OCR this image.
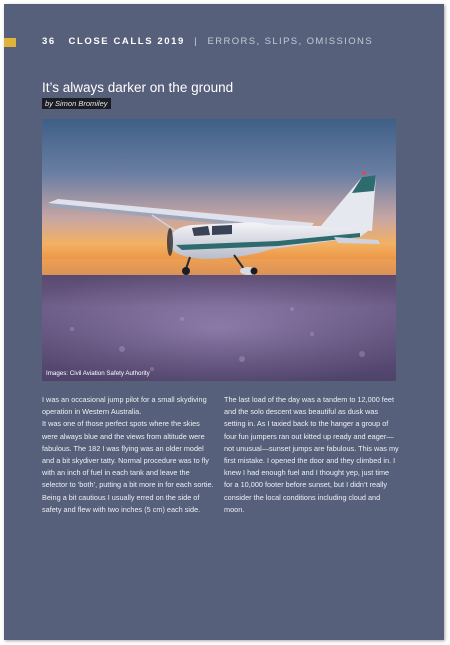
36 CLOSE CALLS 2019 | ERRORS, SLIPS, OMISSIONS
It’s always darker on the ground
by Simon Bromiley
Images: Civil Aviation Safety Authority

I was an occasional jump pilot for a small skydiving operation in Western Australia.

It was one of those perfect spots where the skies were always blue and the views from altitude were fabulous. The 182 I was flying was an older model and a bit skydiver tatty. Normal procedure was to fly with an inch of fuel in each tank and leave the selector to ‘both’, putting a bit more in for each sortie. Being a bit cautious I usually erred on the side of safety and flew with two inches (5 cm) each side.

The last load of the day was a tandem to 12,000 feet and the solo descent was beautiful as dusk was setting in. As I taxied back to the hanger a group of four fun jumpers ran out kitted up ready and eager—not unusual—sunset jumps are fabulous. This was my first mistake. I opened the door and they climbed in. I knew I had enough fuel and I thought yep, just time for a 10,000 footer before sunset, but I didn’t really consider the local conditions including cloud and moon.
